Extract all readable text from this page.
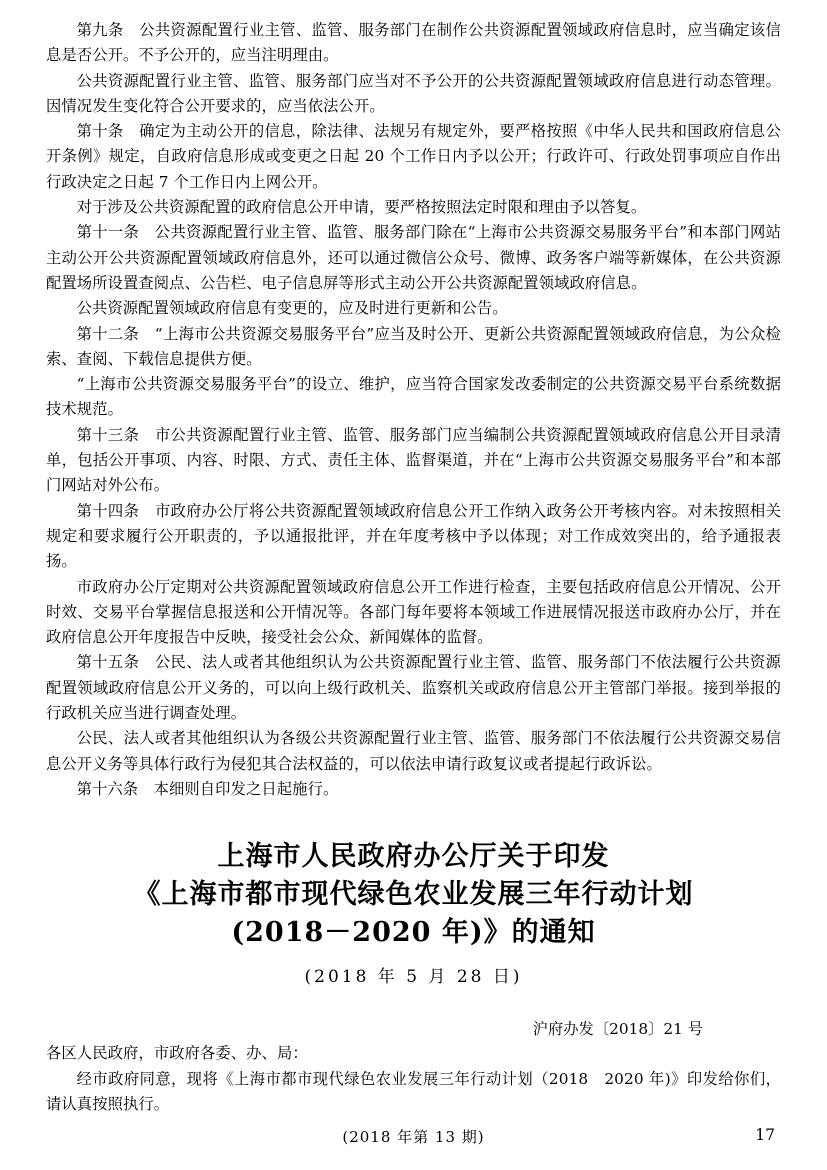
第九条　公共资源配置行业主管、监管、服务部门在制作公共资源配置领域政府信息时，应当确定该信息是否公开。不予公开的，应当注明理由。

公共资源配置行业主管、监管、服务部门应当对不予公开的公共资源配置领域政府信息进行动态管理。因情况发生变化符合公开要求的，应当依法公开。

第十条　确定为主动公开的信息，除法律、法规另有规定外，要严格按照《中华人民共和国政府信息公开条例》规定，自政府信息形成或变更之日起 20 个工作日内予以公开；行政许可、行政处罚事项应自作出行政决定之日起 7 个工作日内上网公开。

对于涉及公共资源配置的政府信息公开申请，要严格按照法定时限和理由予以答复。

第十一条　公共资源配置行业主管、监管、服务部门除在“上海市公共资源交易服务平台”和本部门网站主动公开公共资源配置领域政府信息外，还可以通过微信公众号、微博、政务客户端等新媒体，在公共资源配置场所设置查阅点、公告栏、电子信息屏等形式主动公开公共资源配置领域政府信息。

公共资源配置领域政府信息有变更的，应及时进行更新和公告。

第十二条　“上海市公共资源交易服务平台”应当及时公开、更新公共资源配置领域政府信息，为公众检索、查阅、下载信息提供方便。

“上海市公共资源交易服务平台”的设立、维护，应当符合国家发改委制定的公共资源交易平台系统数据技术规范。

第十三条　市公共资源配置行业主管、监管、服务部门应当编制公共资源配置领域政府信息公开目录清单，包括公开事项、内容、时限、方式、责任主体、监督渠道，并在“上海市公共资源交易服务平台”和本部门网站对外公布。

第十四条　市政府办公厅将公共资源配置领域政府信息公开工作纳入政务公开考核内容。对未按照相关规定和要求履行公开职责的，予以通报批评，并在年度考核中予以体现；对工作成效突出的，给予通报表扬。

市政府办公厅定期对公共资源配置领域政府信息公开工作进行检查，主要包括政府信息公开情况、公开时效、交易平台掌握信息报送和公开情况等。各部门每年要将本领域工作进展情况报送市政府办公厅，并在政府信息公开年度报告中反映，接受社会公众、新闻媒体的监督。

第十五条　公民、法人或者其他组织认为公共资源配置行业主管、监管、服务部门不依法履行公共资源配置领域政府信息公开义务的，可以向上级行政机关、监察机关或政府信息公开主管部门举报。接到举报的行政机关应当进行调查处理。

公民、法人或者其他组织认为各级公共资源配置行业主管、监管、服务部门不依法履行公共资源交易信息公开义务等具体行政行为侵犯其合法权益的，可以依法申请行政复议或者提起行政诉讼。

第十六条　本细则自印发之日起施行。

上海市人民政府办公厅关于印发
《上海市都市现代绿色农业发展三年行动计划
(2018－2020 年)》的通知
(2018 年 5 月 28 日)
沪府办发〔2018〕21 号

各区人民政府，市政府各委、办、局：

经市政府同意，现将《上海市都市现代绿色农业发展三年行动计划（2018　2020 年)》印发给你们，请认真按照执行。

(2018 年第 13 期)	17
